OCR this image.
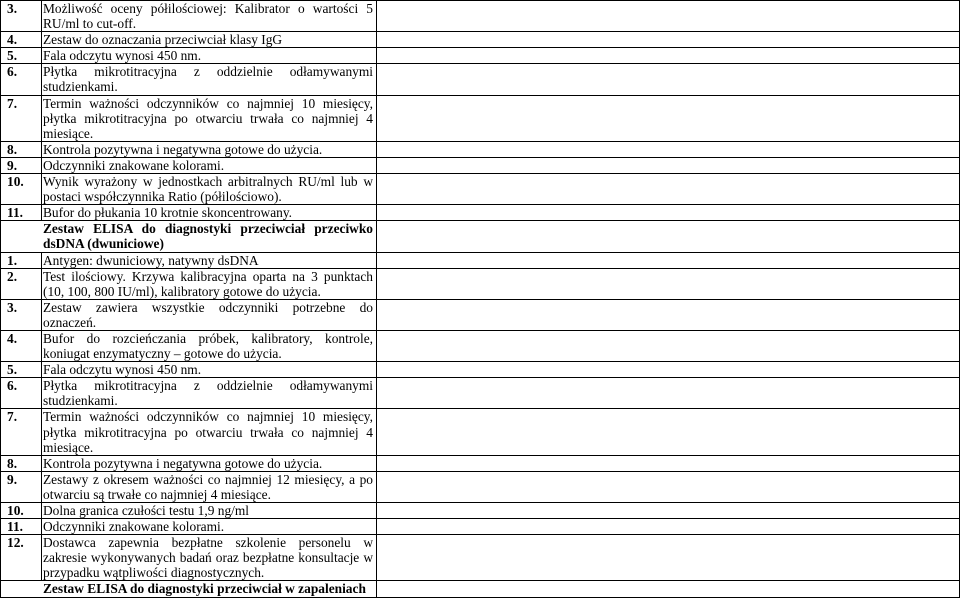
3.	Możliwość oceny półilościowej: Kalibrator o wartości 5 RU/ml to cut-off.	
4.	Zestaw do oznaczania przeciwciał klasy IgG	
5.	Fala odczytu wynosi 450 nm.	
6.	Płytka mikrotitracyjna z oddzielnie odłamywanymi studzienkami.	
7.	Termin ważności odczynników co najmniej 10 miesięcy, płytka mikrotitracyjna po otwarciu trwała co najmniej 4 miesiące.	
8.	Kontrola pozytywna i negatywna gotowe do użycia.	
9.	Odczynniki znakowane kolorami.	
10.	Wynik wyrażony w jednostkach arbitralnych RU/ml lub w postaci współczynnika Ratio (półilościowo).	
11.	Bufor do płukania 10 krotnie skoncentrowany.	
Zestaw ELISA do diagnostyki przeciwciał przeciwko dsDNA (dwuniciowe)		
1.	Antygen: dwuniciowy, natywny dsDNA	
2.	Test ilościowy. Krzywa kalibracyjna oparta na 3 punktach (10, 100, 800 IU/ml), kalibratory gotowe do użycia.	
3.	Zestaw zawiera wszystkie odczynniki potrzebne do oznaczeń.	
4.	Bufor do rozcieńczania próbek, kalibratory, kontrole, koniugat enzymatyczny – gotowe do użycia.	
5.	Fala odczytu wynosi 450 nm.	
6.	Płytka mikrotitracyjna z oddzielnie odłamywanymi studzienkami.	
7.	Termin ważności odczynników co najmniej 10 miesięcy, płytka mikrotitracyjna po otwarciu trwała co najmniej 4 miesiące.	
8.	Kontrola pozytywna i negatywna gotowe do użycia.	
9.	Zestawy z okresem ważności co najmniej 12 miesięcy, a po otwarciu są trwałe co najmniej 4 miesiące.	
10.	Dolna granica czułości testu 1,9 ng/ml	
11.	Odczynniki znakowane kolorami.	
12.	Dostawca zapewnia bezpłatne szkolenie personelu w zakresie wykonywanych badań oraz bezpłatne konsultacje w przypadku wątpliwości diagnostycznych.	
Zestaw ELISA do diagnostyki przeciwciał w zapaleniach		
